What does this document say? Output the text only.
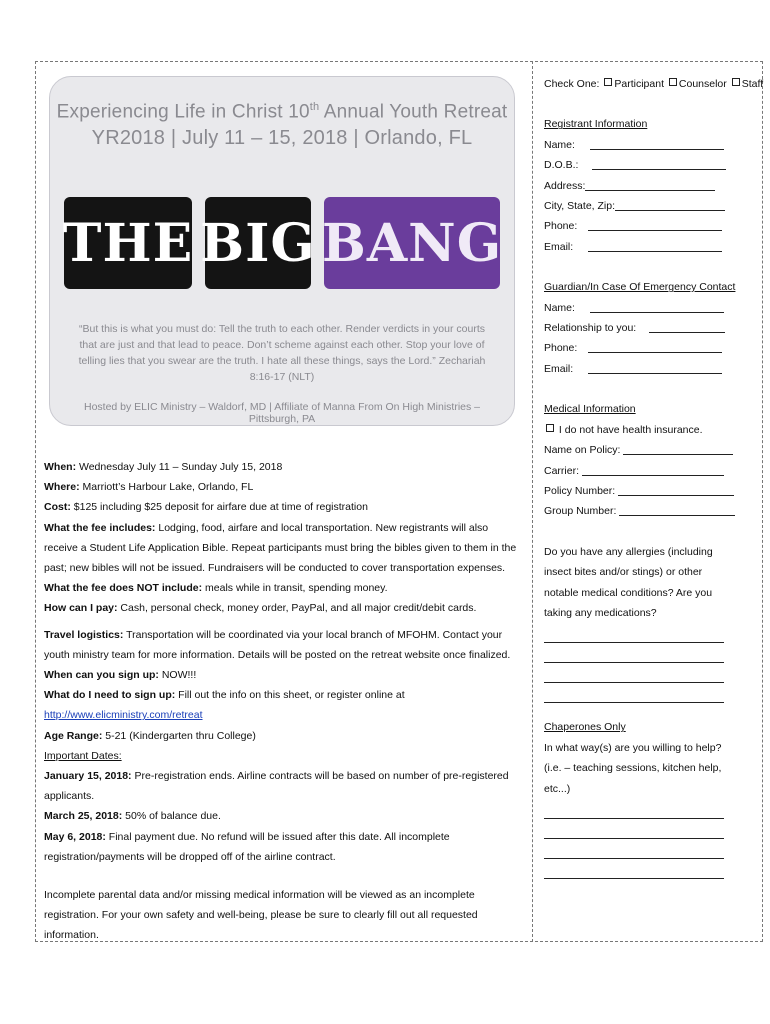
Experiencing Life in Christ 10th Annual Youth Retreat
YR2018 | July 11 – 15, 2018 | Orlando, FL
THE BIG BANG
“But this is what you must do: Tell the truth to each other. Render verdicts in your courts that are just and that lead to peace. Don’t scheme against each other. Stop your love of telling lies that you swear are the truth. I hate all these things, says the Lord.” Zechariah 8:16-17 (NLT)
Hosted by ELIC Ministry – Waldorf, MD | Affiliate of Manna From On High Ministries – Pittsburgh, PA

When: Wednesday July 11 – Sunday July 15, 2018

Where: Marriott’s Harbour Lake, Orlando, FL

Cost: $125 including $25 deposit for airfare due at time of registration

What the fee includes: Lodging, food, airfare and local transportation. New registrants will also receive a Student Life Application Bible. Repeat participants must bring the bibles given to them in the past; new bibles will not be issued. Fundraisers will be conducted to cover transportation expenses.

What the fee does NOT include: meals while in transit, spending money.

How can I pay: Cash, personal check, money order, PayPal, and all major credit/debit cards.

Travel logistics: Transportation will be coordinated via your local branch of MFOHM. Contact your youth ministry team for more information. Details will be posted on the retreat website once finalized.

When can you sign up: NOW!!!

What do I need to sign up: Fill out the info on this sheet, or register online at http://www.elicministry.com/retreat

Age Range: 5-21 (Kindergarten thru College)

Important Dates:

January 15, 2018: Pre-registration ends. Airline contracts will be based on number of pre-registered applicants.

March 25, 2018: 50% of balance due.

May 6, 2018: Final payment due. No refund will be issued after this date. All incomplete registration/payments will be dropped off of the airline contract.

Incomplete parental data and/or missing medical information will be viewed as an incomplete registration. For your own safety and well-being, please be sure to clearly fill out all requested information.

Check One: Participant Counselor Staff

Registrant Information

Name:

D.O.B.:

Address:

City, State, Zip:

Phone:

Email:

Guardian/In Case Of Emergency Contact

Name:

Relationship to you:

Phone:

Email:

Medical Information

I do not have health insurance.

Name on Policy:

Carrier:

Policy Number:

Group Number:

Do you have any allergies (including insect bites and/or stings) or other notable medical conditions? Are you taking any medications?

Chaperones Only

In what way(s) are you willing to help? (i.e. – teaching sessions, kitchen help, etc...)
